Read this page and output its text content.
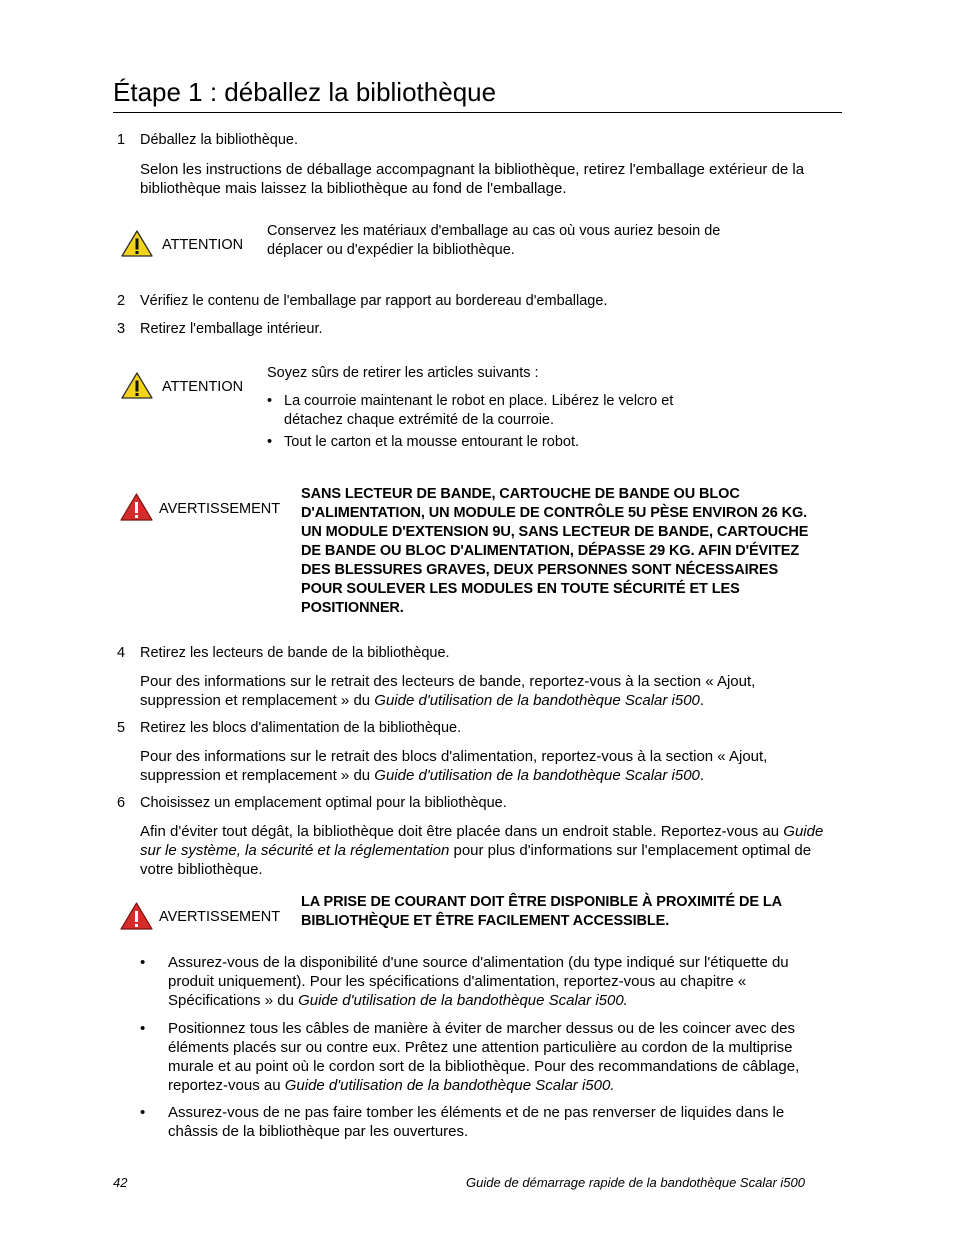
Étape 1 : déballez la bibliothèque
1	Déballez la bibliothèque.
Selon les instructions de déballage accompagnant la bibliothèque, retirez l'emballage extérieur de la bibliothèque mais laissez la bibliothèque au fond de l'emballage.
ATTENTION
Conservez les matériaux d'emballage au cas où vous auriez besoin de déplacer ou d'expédier la bibliothèque.
2	Vérifiez le contenu de l'emballage par rapport au bordereau d'emballage.
3	Retirez l'emballage intérieur.
ATTENTION
Soyez sûrs de retirer les articles suivants :
• La courroie maintenant le robot en place. Libérez le velcro et détachez chaque extrémité de la courroie.
• Tout le carton et la mousse entourant le robot.
AVERTISSEMENT
SANS LECTEUR DE BANDE, CARTOUCHE DE BANDE OU BLOC D'ALIMENTATION, UN MODULE DE CONTRÔLE 5U PÈSE ENVIRON 26 KG. UN MODULE D'EXTENSION 9U, SANS LECTEUR DE BANDE, CARTOUCHE DE BANDE OU BLOC D'ALIMENTATION, DÉPASSE 29 KG. AFIN D'ÉVITEZ DES BLESSURES GRAVES, DEUX PERSONNES SONT NÉCESSAIRES POUR SOULEVER LES MODULES EN TOUTE SÉCURITÉ ET LES POSITIONNER.
4	Retirez les lecteurs de bande de la bibliothèque.
Pour des informations sur le retrait des lecteurs de bande, reportez-vous à la section « Ajout, suppression et remplacement » du Guide d'utilisation de la bandothèque Scalar i500.
5	Retirez les blocs d'alimentation de la bibliothèque.
Pour des informations sur le retrait des blocs d'alimentation, reportez-vous à la section « Ajout, suppression et remplacement » du Guide d'utilisation de la bandothèque Scalar i500.
6	Choisissez un emplacement optimal pour la bibliothèque.
Afin d'éviter tout dégât, la bibliothèque doit être placée dans un endroit stable. Reportez-vous au Guide sur le système, la sécurité et la réglementation pour plus d'informations sur l'emplacement optimal de votre bibliothèque.
AVERTISSEMENT
LA PRISE DE COURANT DOIT ÊTRE DISPONIBLE À PROXIMITÉ DE LA BIBLIOTHÈQUE ET ÊTRE FACILEMENT ACCESSIBLE.
• Assurez-vous de la disponibilité d'une source d'alimentation (du type indiqué sur l'étiquette du produit uniquement). Pour les spécifications d'alimentation, reportez-vous au chapitre « Spécifications » du Guide d'utilisation de la bandothèque Scalar i500.
• Positionnez tous les câbles de manière à éviter de marcher dessus ou de les coincer avec des éléments placés sur ou contre eux. Prêtez une attention particulière au cordon de la multiprise murale et au point où le cordon sort de la bibliothèque. Pour des recommandations de câblage, reportez-vous au Guide d'utilisation de la bandothèque Scalar i500.
• Assurez-vous de ne pas faire tomber les éléments et de ne pas renverser de liquides dans le châssis de la bibliothèque par les ouvertures.
42	Guide de démarrage rapide de la bandothèque Scalar i500
